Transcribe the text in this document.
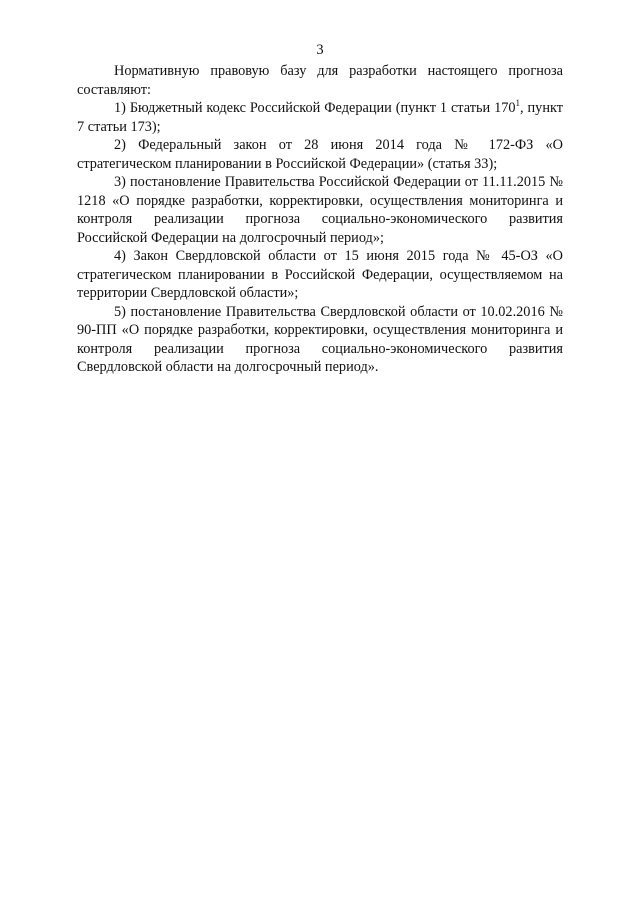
3

Нормативную правовую базу для разработки настоящего прогноза составляют:

1) Бюджетный кодекс Российской Федерации (пункт 1 статьи $170^1$, пункт 7 статьи 173);

2) Федеральный закон от 28 июня 2014 года № 172-ФЗ «О стратегическом планировании в Российской Федерации» (статья 33);

3) постановление Правительства Российской Федерации от 11.11.2015 № 1218 «О порядке разработки, корректировки, осуществления мониторинга и контроля реализации прогноза социально-экономического развития Российской Федерации на долгосрочный период»;

4) Закон Свердловской области от 15 июня 2015 года № 45-ОЗ «О стратегическом планировании в Российской Федерации, осуществляемом на территории Свердловской области»;

5) постановление Правительства Свердловской области от 10.02.2016 № 90-ПП «О порядке разработки, корректировки, осуществления мониторинга и контроля реализации прогноза социально-экономического развития Свердловской области на долгосрочный период».
